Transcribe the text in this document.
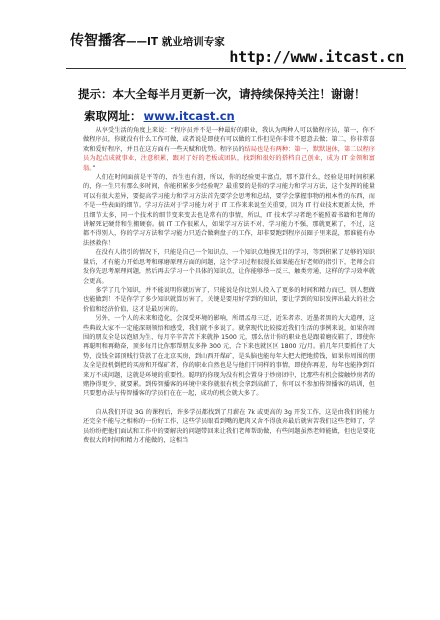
传智播客——IT 就业培训专家
http://www.itcast.cn
提示：本大全每半月更新一次，请持续保持关注！谢谢！
索取网址： www.itcast.cn

从享受生活的角度上来说：“程序员并不是一种最好的职业，我认为两种人可以做程序员，第一，你不做程序员，你就没有什么工作可做，或者说是即使有可以做的工作但是你非常不愿意去做；第二，你非常喜欢和爱好程序，并且在这方面有一些天赋和优势。程序员的结局也是有两种：第一，默默退休，第二以程序员为起点成就事业，注意积累，跟对了好的老板或团队，找到和很好的搭档自己创业，成为 IT 金领和富翁。”

人们在时间面前是平等的，吾生也有涯，所以，你的经验更丰富点，那不算什么，经验是用时间积累的，你一生只有那么多时间，你能积累多少经验呢？最重要的是你的学习能力和学习方法，这个发挥的能量可以有很大差异，要提高学习能力和学习方法首先要学会思考和总结，要学会掌握事物的根本性的东西，而不是一些表面的细节。学习方法对于学习能力对于 IT 工作来来说至关重要，因为 IT 行业技术更新太快，并且细节太多，同一个技术的细节变来变去也是常有的事情，所以，IT 技术学习者绝不能照着书籍和老师的讲解死记硬背和生搬硬套。搞 IT 工作很累人，如果学习方法不对、学习能力不强，那就更累了，不过，这都不得别人，你的学习方法和学习能力只适合做剩盘子的工作，却非要跑到程序员圈子里来混，那谁能有办法拯救你！

在没有人指引的情况下，只能是自己一个知识点、一个知识点地摸无目的学习，等到积累了足够的知识量后，才有能力开始思考和琢磨原理方面的问题，这个学习过程很漫长如果能在好老师的指引下，老师会启发你先思考原理问题，然后再去学习一个具体的知识点，让你能够举一反三、触类旁通，这样的学习效率就会更高。

多学了几个知识，并不能说明你就厉害了，只能说是你比别人投入了更多的时间和精力而已，别人想做也能做到！不是你学了多少知识就算厉害了，关键是要用好学到的知识，要让学到的知识发挥出最大的社会价值和经济价值，这才是最厉害的。

另外，一个人的未来和造化，会深受环境的影响，所谓孟母三迁，近朱者赤、近墨者黑的大大道理，这些典故大家不一定能深刻领悟和感受，我们就不多说了。就拿现代比较接近我们生活的事例来说，如果你周围的朋友全是以泡妞为生、每月辛辛苦苦下来就挣 1500 元，那么估计你的职业也是跟着磨皮鞋了，即使你再聪明和再勤奋，顶多每月比你那帮朋友多挣 300 元，合下来也就区区 1800 元/月。前几年只要抓住了大势，没钱全部顶贱行贷款了在北京买房，到山西开煤矿，是头脑也能每年大把大把地捞钱，如果你周围的朋友全是投机倒把的买房和开煤矿者，你的职业自然也是与他们干同样的事情，即使你再差，每年也能挣到百来万不成问题，这就是环境的重要性。聪明的你现为没有机会置身于炒房团中，比那些有机会接触炒房者的赌挣得更少、就要累。到传智播客的环境中来你就很有机会拿到高薪了，你可以不参加传智播客的培训，但只要想办法与传智播客的学员们在在一起，成功的机会就大多了。

自从我们开设 3G 的课程后，许多学员都找到了月薪在 7k 或更高的 3g 开发工作，这是由我们的能力还完全不能与之相称的一份好工作，这些学员眼看到嘴的肥肉又舍不得放弃最后就害苦我们这些老师了，学员纷纷把他们面试和工作中的要解决的问题带回来让我们老师帮助做，有些问题虽然老师能做，但也是要花费很大的时间和精力才能做的，这相当
